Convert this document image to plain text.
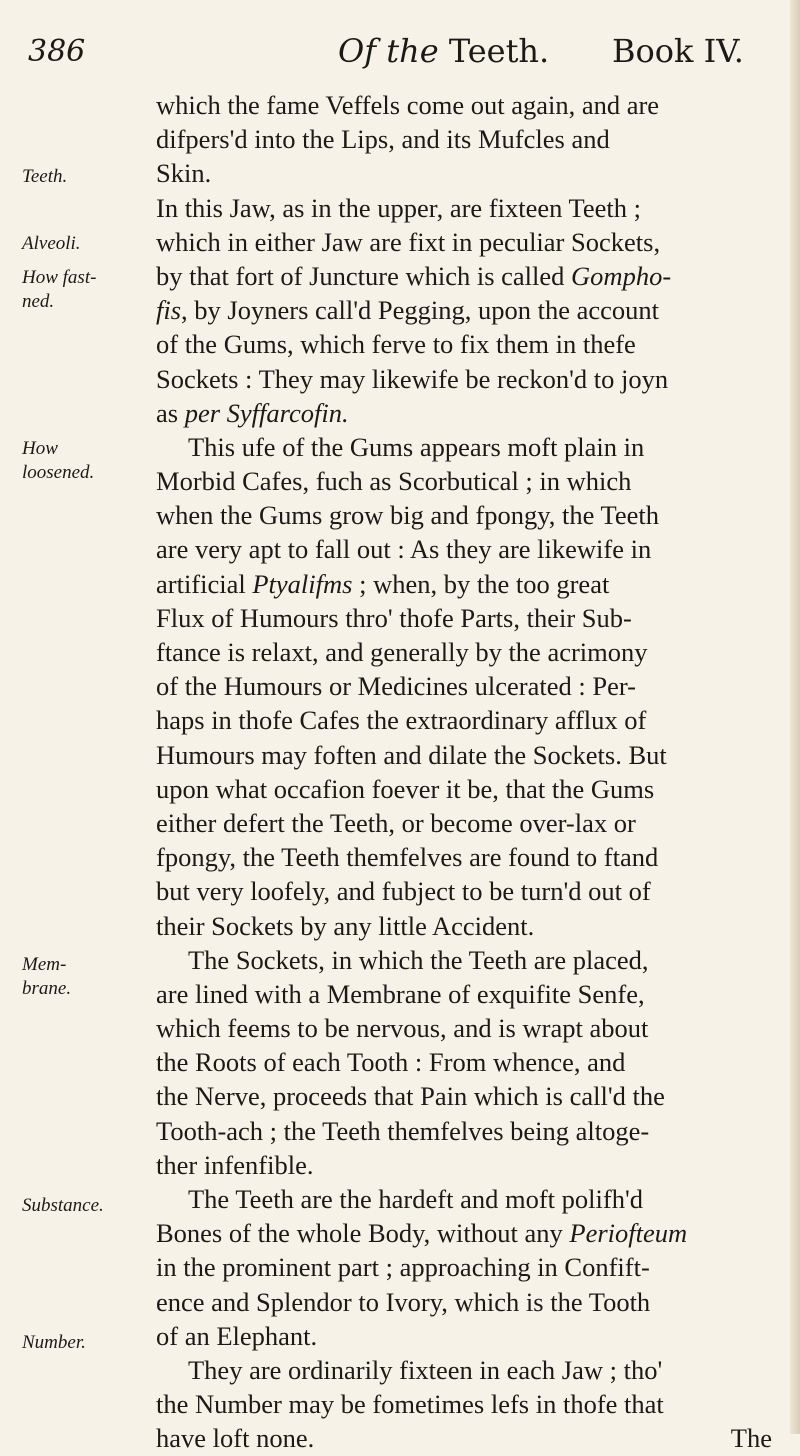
386	Of the Teeth. Book IV.
Teeth.
Alveoli.
How fast-
ned.
How
loosened.
Mem-
brane.
Substance.
Number.
which the fame Veffels come out again, and are
difpers'd into the Lips, and its Mufcles and
Skin.
In this Jaw, as in the upper, are fixteen Teeth ;
which in either Jaw are fixt in peculiar Sockets,
by that fort of Juncture which is called Gompho-
fis, by Joyners call'd Pegging, upon the account
of the Gums, which ferve to fix them in thefe
Sockets : They may likewife be reckon'd to joyn
as per Syffarcofin.
This ufe of the Gums appears moft plain in
Morbid Cafes, fuch as Scorbutical ; in which
when the Gums grow big and fpongy, the Teeth
are very apt to fall out : As they are likewife in
artificial Ptyalifms ; when, by the too great
Flux of Humours thro' thofe Parts, their Sub-
ftance is relaxt, and generally by the acrimony
of the Humours or Medicines ulcerated : Per-
haps in thofe Cafes the extraordinary afflux of
Humours may foften and dilate the Sockets. But
upon what occafion foever it be, that the Gums
either defert the Teeth, or become over-lax or
fpongy, the Teeth themfelves are found to ftand
but very loofely, and fubject to be turn'd out of
their Sockets by any little Accident.
The Sockets, in which the Teeth are placed,
are lined with a Membrane of exquifite Senfe,
which feems to be nervous, and is wrapt about
the Roots of each Tooth : From whence, and
the Nerve, proceeds that Pain which is call'd the
Tooth-ach ; the Teeth themfelves being altoge-
ther infenfible.
The Teeth are the hardeft and moft polifh'd
Bones of the whole Body, without any Periofteum
in the prominent part ; approaching in Confift-
ence and Splendor to Ivory, which is the Tooth
of an Elephant.
They are ordinarily fixteen in each Jaw ; tho'
the Number may be fometimes lefs in thofe that
have loft none.	The
